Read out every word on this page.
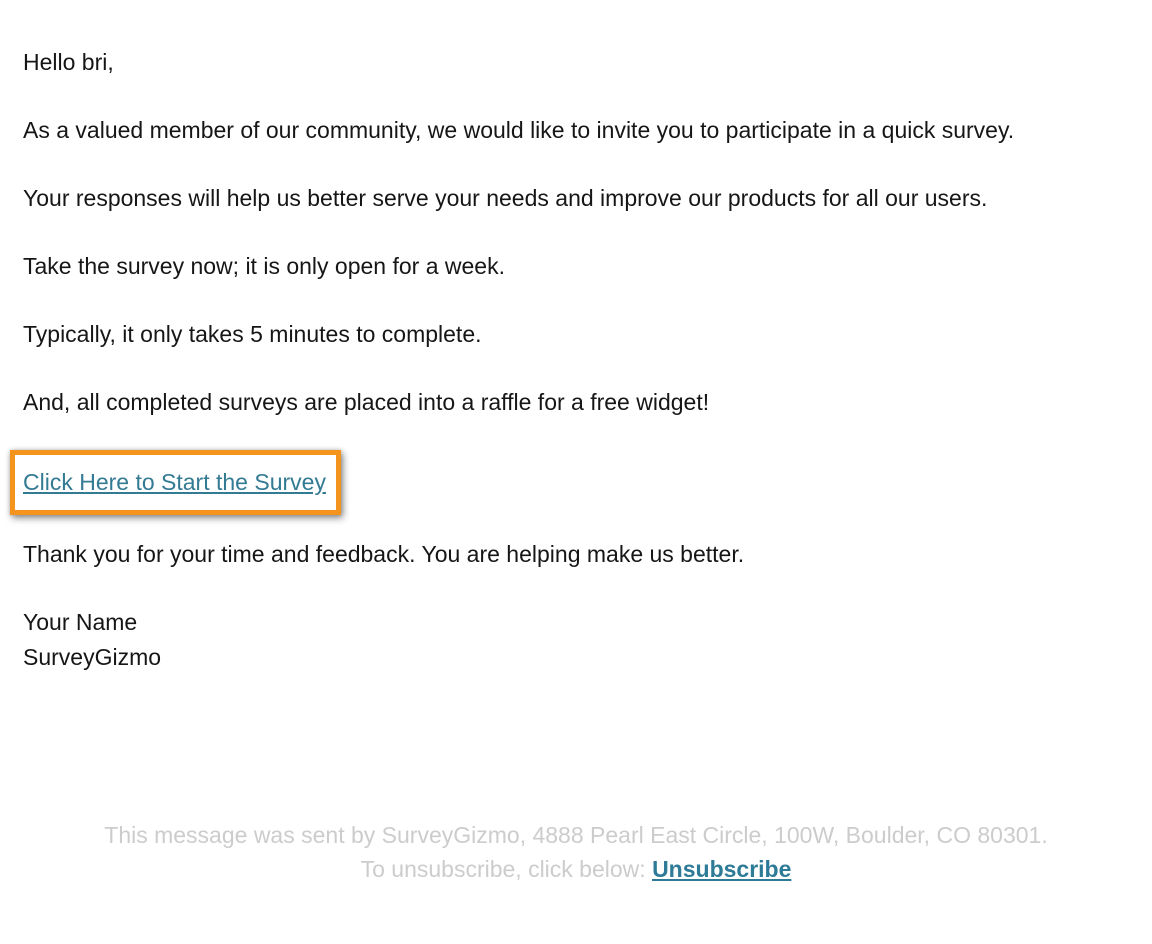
Hello bri,

As a valued member of our community, we would like to invite you to participate in a quick survey.

Your responses will help us better serve your needs and improve our products for all our users.

Take the survey now; it is only open for a week.

Typically, it only takes 5 minutes to complete.

And, all completed surveys are placed into a raffle for a free widget!

Click Here to Start the Survey

Thank you for your time and feedback. You are helping make us better.

Your Name
SurveyGizmo

This message was sent by SurveyGizmo, 4888 Pearl East Circle, 100W, Boulder, CO 80301.
To unsubscribe, click below: Unsubscribe
